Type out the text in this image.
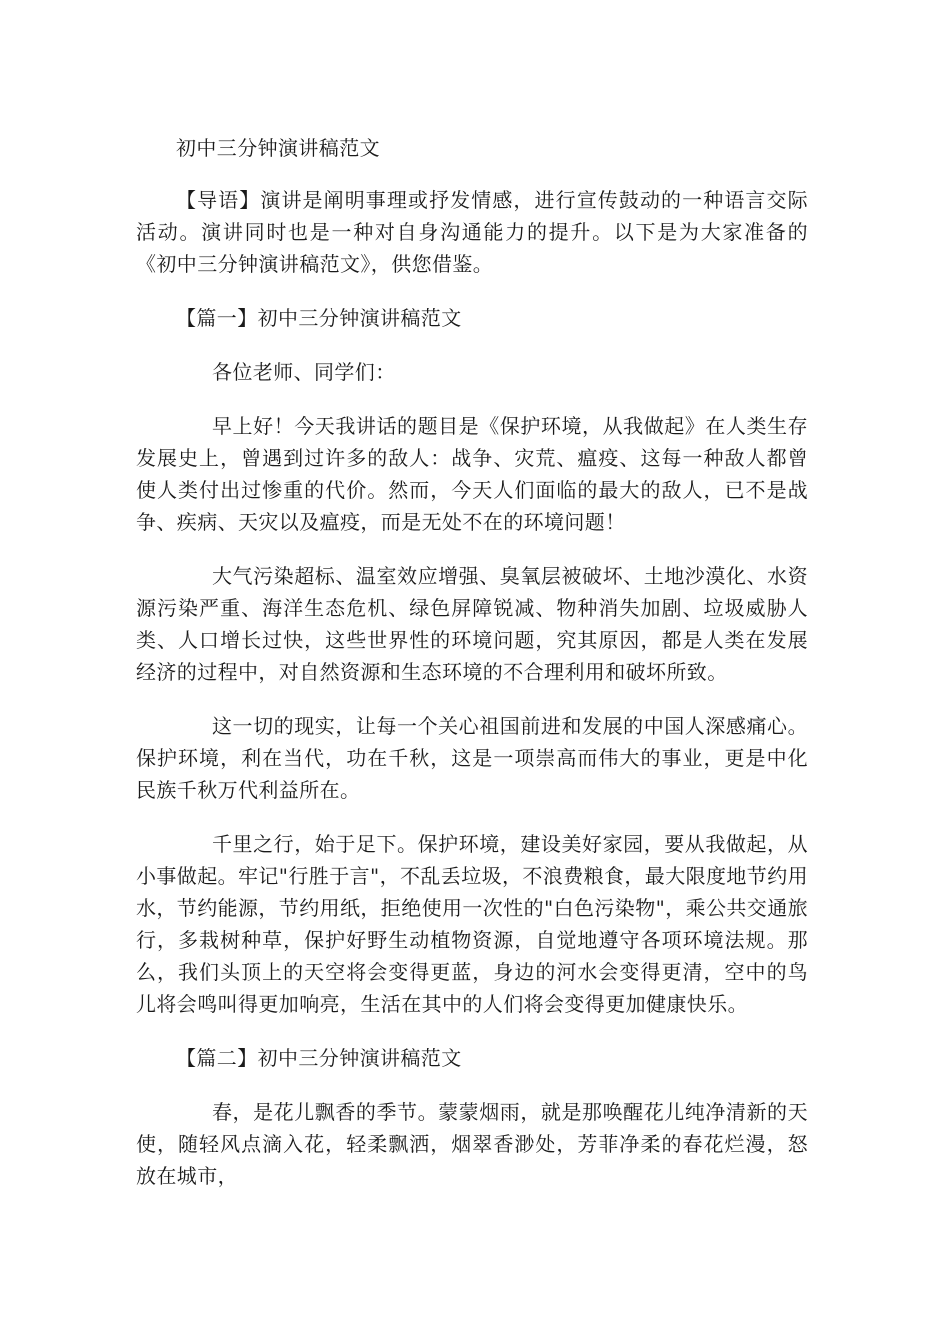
初中三分钟演讲稿范文

【导语】演讲是阐明事理或抒发情感，进行宣传鼓动的一种语言交际活动。演讲同时也是一种对自身沟通能力的提升。以下是为大家准备的《初中三分钟演讲稿范文》，供您借鉴。

【篇一】初中三分钟演讲稿范文

各位老师、同学们：

早上好！今天我讲话的题目是《保护环境，从我做起》在人类生存发展史上，曾遇到过许多的敌人：战争、灾荒、瘟疫、这每一种敌人都曾使人类付出过惨重的代价。然而，今天人们面临的最大的敌人，已不是战争、疾病、天灾以及瘟疫，而是无处不在的环境问题！

大气污染超标、温室效应增强、臭氧层被破坏、土地沙漠化、水资源污染严重、海洋生态危机、绿色屏障锐减、物种消失加剧、垃圾威胁人类、人口增长过快，这些世界性的环境问题，究其原因，都是人类在发展经济的过程中，对自然资源和生态环境的不合理利用和破坏所致。

这一切的现实，让每一个关心祖国前进和发展的中国人深感痛心。保护环境，利在当代，功在千秋，这是一项崇高而伟大的事业，更是中化民族千秋万代利益所在。

千里之行，始于足下。保护环境，建设美好家园，要从我做起，从小事做起。牢记"行胜于言"，不乱丢垃圾，不浪费粮食，最大限度地节约用水，节约能源，节约用纸，拒绝使用一次性的"白色污染物"，乘公共交通旅行，多栽树种草，保护好野生动植物资源，自觉地遵守各项环境法规。那么，我们头顶上的天空将会变得更蓝，身边的河水会变得更清，空中的鸟儿将会鸣叫得更加响亮，生活在其中的人们将会变得更加健康快乐。

【篇二】初中三分钟演讲稿范文

春，是花儿飘香的季节。蒙蒙烟雨，就是那唤醒花儿纯净清新的天使，随轻风点滴入花，轻柔飘洒，烟翠香渺处，芳菲净柔的春花烂漫，怒放在城市，
